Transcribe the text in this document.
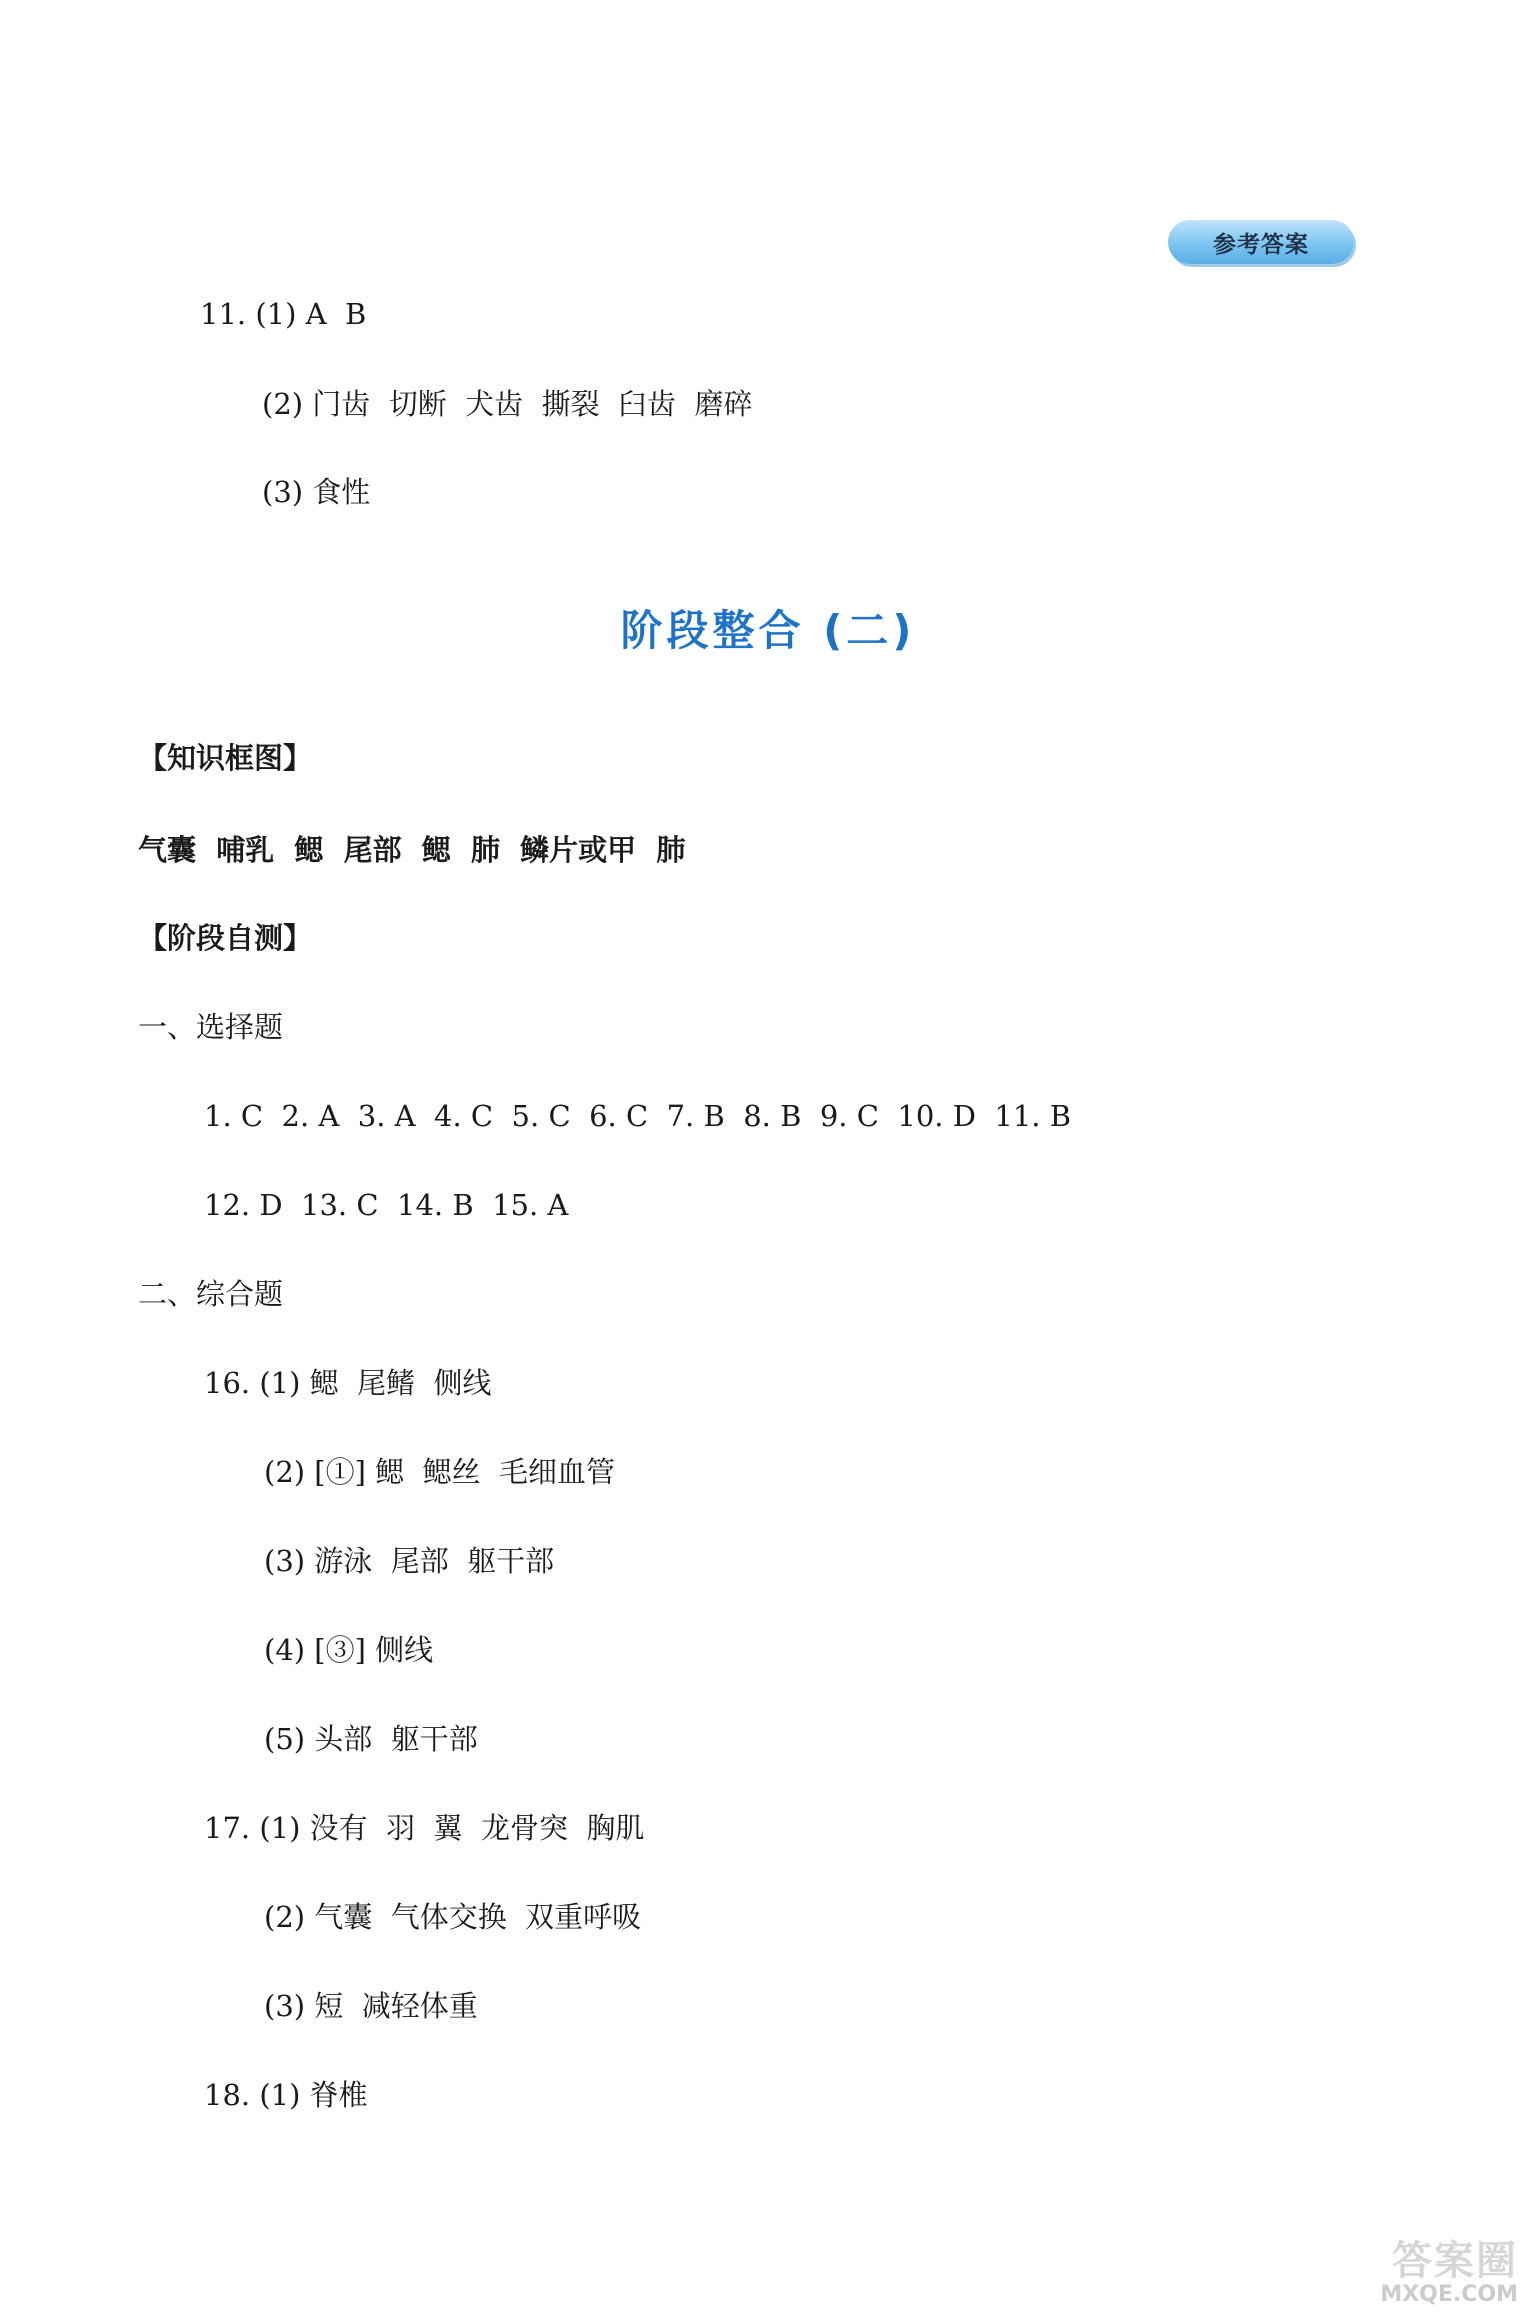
参考答案
11. (1) A  B
(2) 门齿  切断  犬齿  撕裂  臼齿  磨碎
(3) 食性
阶段整合 (二)
【知识框图】
气囊  哺乳  鳃  尾部  鳃  肺  鳞片或甲  肺
【阶段自测】
一、选择题
1. C  2. A  3. A  4. C  5. C  6. C  7. B  8. B  9. C  10. D  11. B
12. D  13. C  14. B  15. A
二、综合题
16. (1) 鳃  尾鳍  侧线
(2) [①] 鳃  鳃丝  毛细血管
(3) 游泳  尾部  躯干部
(4) [③] 侧线
(5) 头部  躯干部
17. (1) 没有  羽  翼  龙骨突  胸肌
(2) 气囊  气体交换  双重呼吸
(3) 短  减轻体重
18. (1) 脊椎
答案圈
MXQE.COM
